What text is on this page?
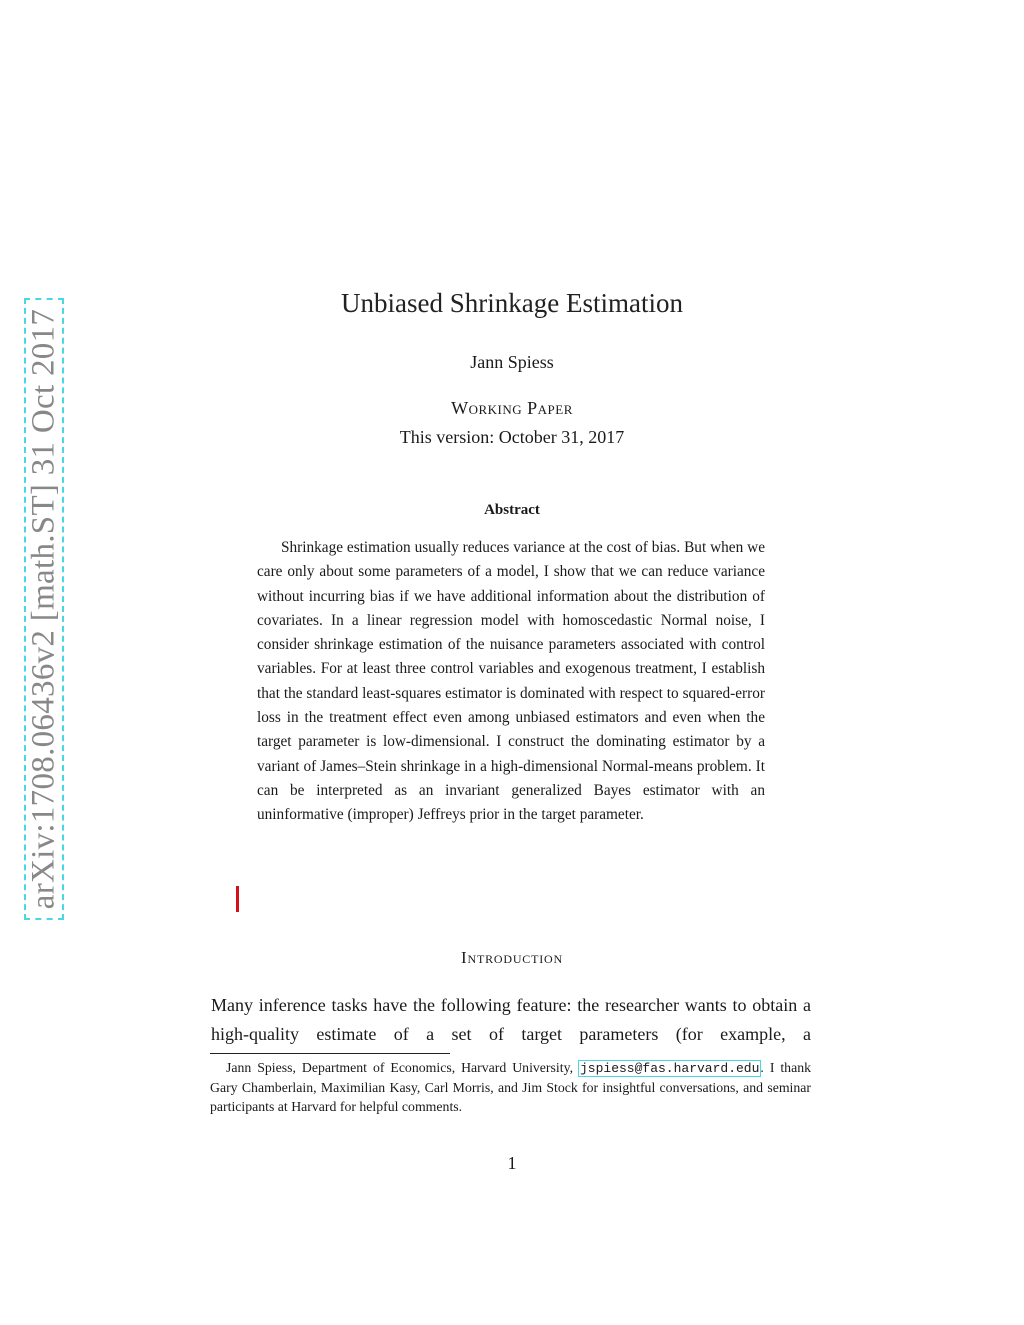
arXiv:1708.06436v2 [math.ST] 31 Oct 2017
Unbiased Shrinkage Estimation
Jann Spiess
Working Paper
This version: October 31, 2017
Abstract
Shrinkage estimation usually reduces variance at the cost of bias. But when we care only about some parameters of a model, I show that we can reduce variance without incurring bias if we have additional information about the distribution of covariates. In a linear regression model with homoscedastic Normal noise, I consider shrinkage estimation of the nuisance parameters associated with control variables. For at least three control variables and exogenous treatment, I establish that the standard least-squares estimator is dominated with respect to squared-error loss in the treatment effect even among unbiased estimators and even when the target parameter is low-dimensional. I construct the dominating estimator by a variant of James–Stein shrinkage in a high-dimensional Normal-means problem. It can be interpreted as an invariant generalized Bayes estimator with an uninformative (improper) Jeffreys prior in the target parameter.
Introduction
Many inference tasks have the following feature: the researcher wants to obtain a high-quality estimate of a set of target parameters (for example, a
Jann Spiess, Department of Economics, Harvard University, jspiess@fas.harvard.edu. I thank Gary Chamberlain, Maximilian Kasy, Carl Morris, and Jim Stock for insightful conversations, and seminar participants at Harvard for helpful comments.
1
